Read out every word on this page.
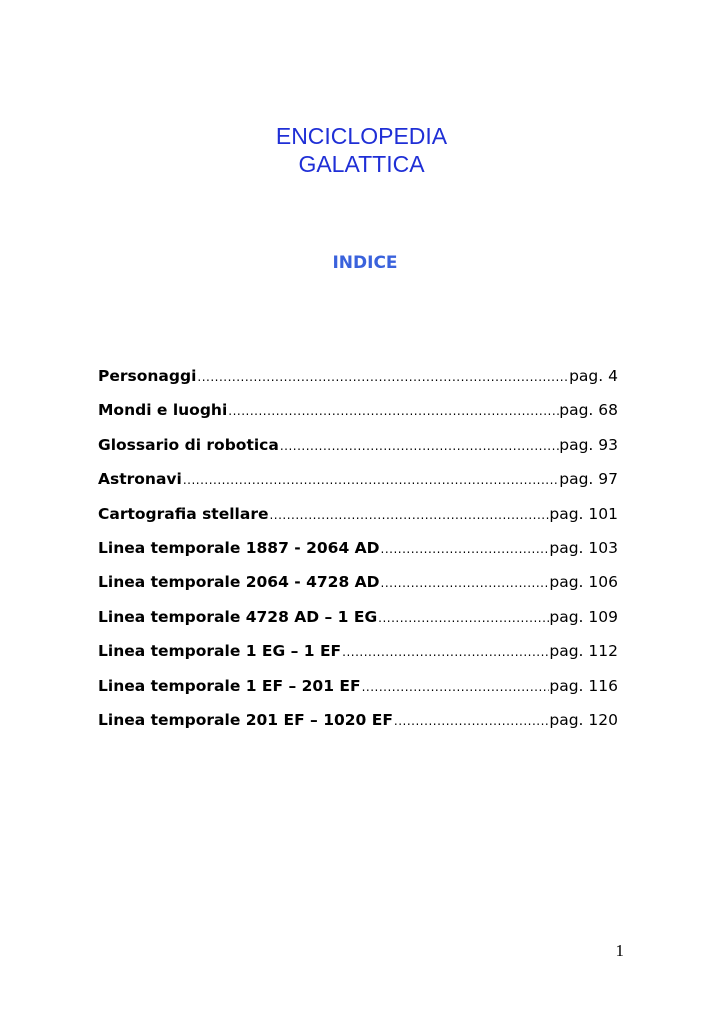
ENCICLOPEDIA
GALATTICA
INDICE
Personaggi .....	pag. 4
Mondi e luoghi .....	pag. 68
Glossario di robotica .....	pag. 93
Astronavi .....	pag. 97
Cartografia stellare .....	pag. 101
Linea temporale 1887 - 2064 AD .....	pag. 103
Linea temporale 2064 - 4728 AD .....	pag. 106
Linea temporale 4728 AD – 1 EG .....	pag. 109
Linea temporale 1 EG – 1 EF .....	pag. 112
Linea temporale 1 EF – 201 EF .....	pag. 116
Linea temporale 201 EF – 1020 EF .....	pag. 120
1
